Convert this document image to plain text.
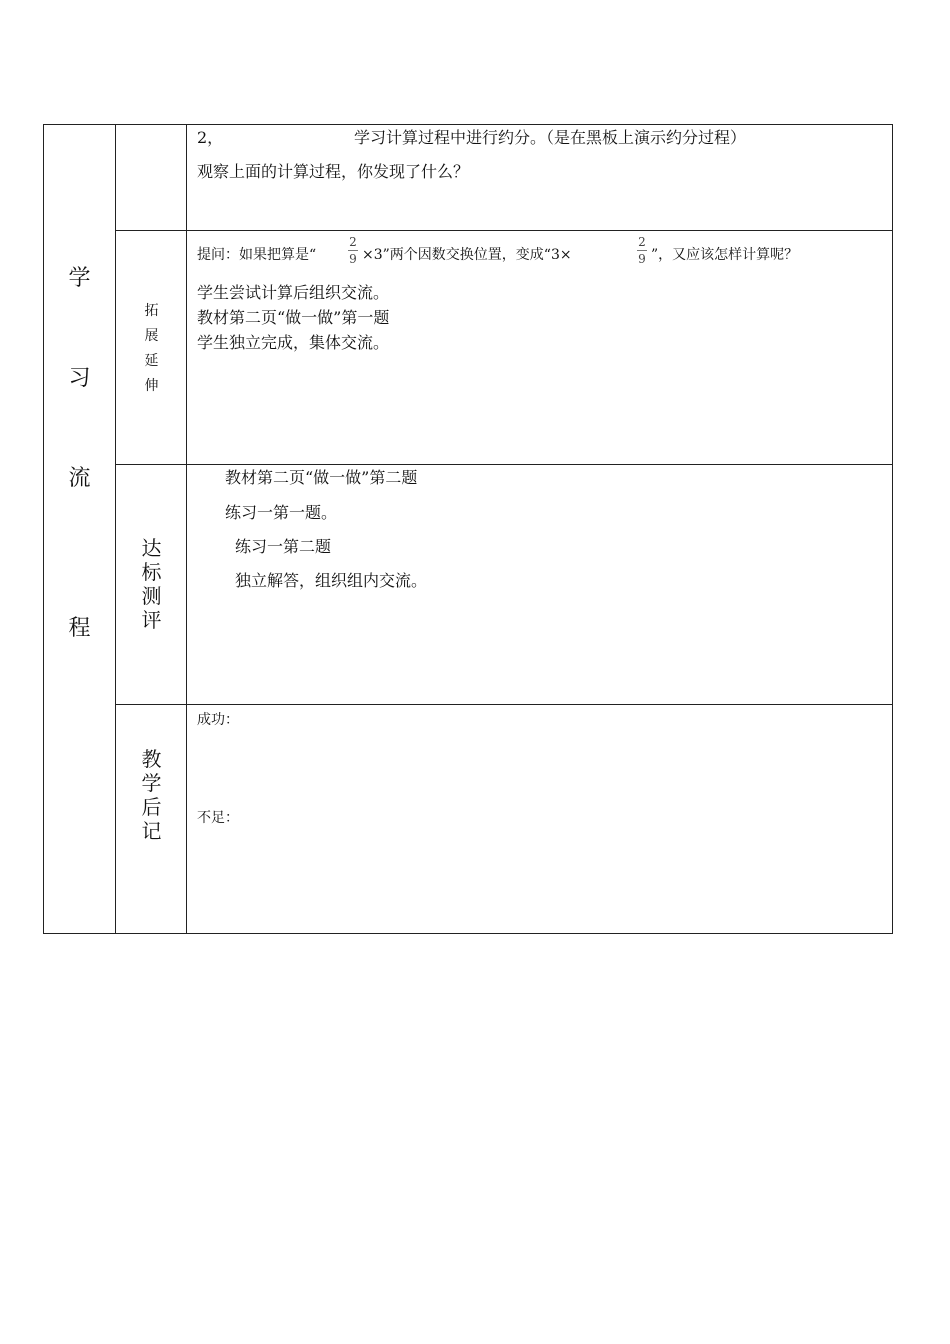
学
习
流
程
2，	学习计算过程中进行约分。（是在黑板上演示约分过程）
观察上面的计算过程，你发现了什么？
拓
展
延
伸
提问：如果把算是“
2
9 ×3”两个因数交换位置，变成“3×
2
9 ”，又应该怎样计算呢？
学生尝试计算后组织交流。
教材第二页“做一做”第一题
学生独立完成，集体交流。
达
标
测
评
教材第二页“做一做”第二题
练习一第一题。
练习一第二题
独立解答，组织组内交流。
教
学
后
记
成功：
不足：
